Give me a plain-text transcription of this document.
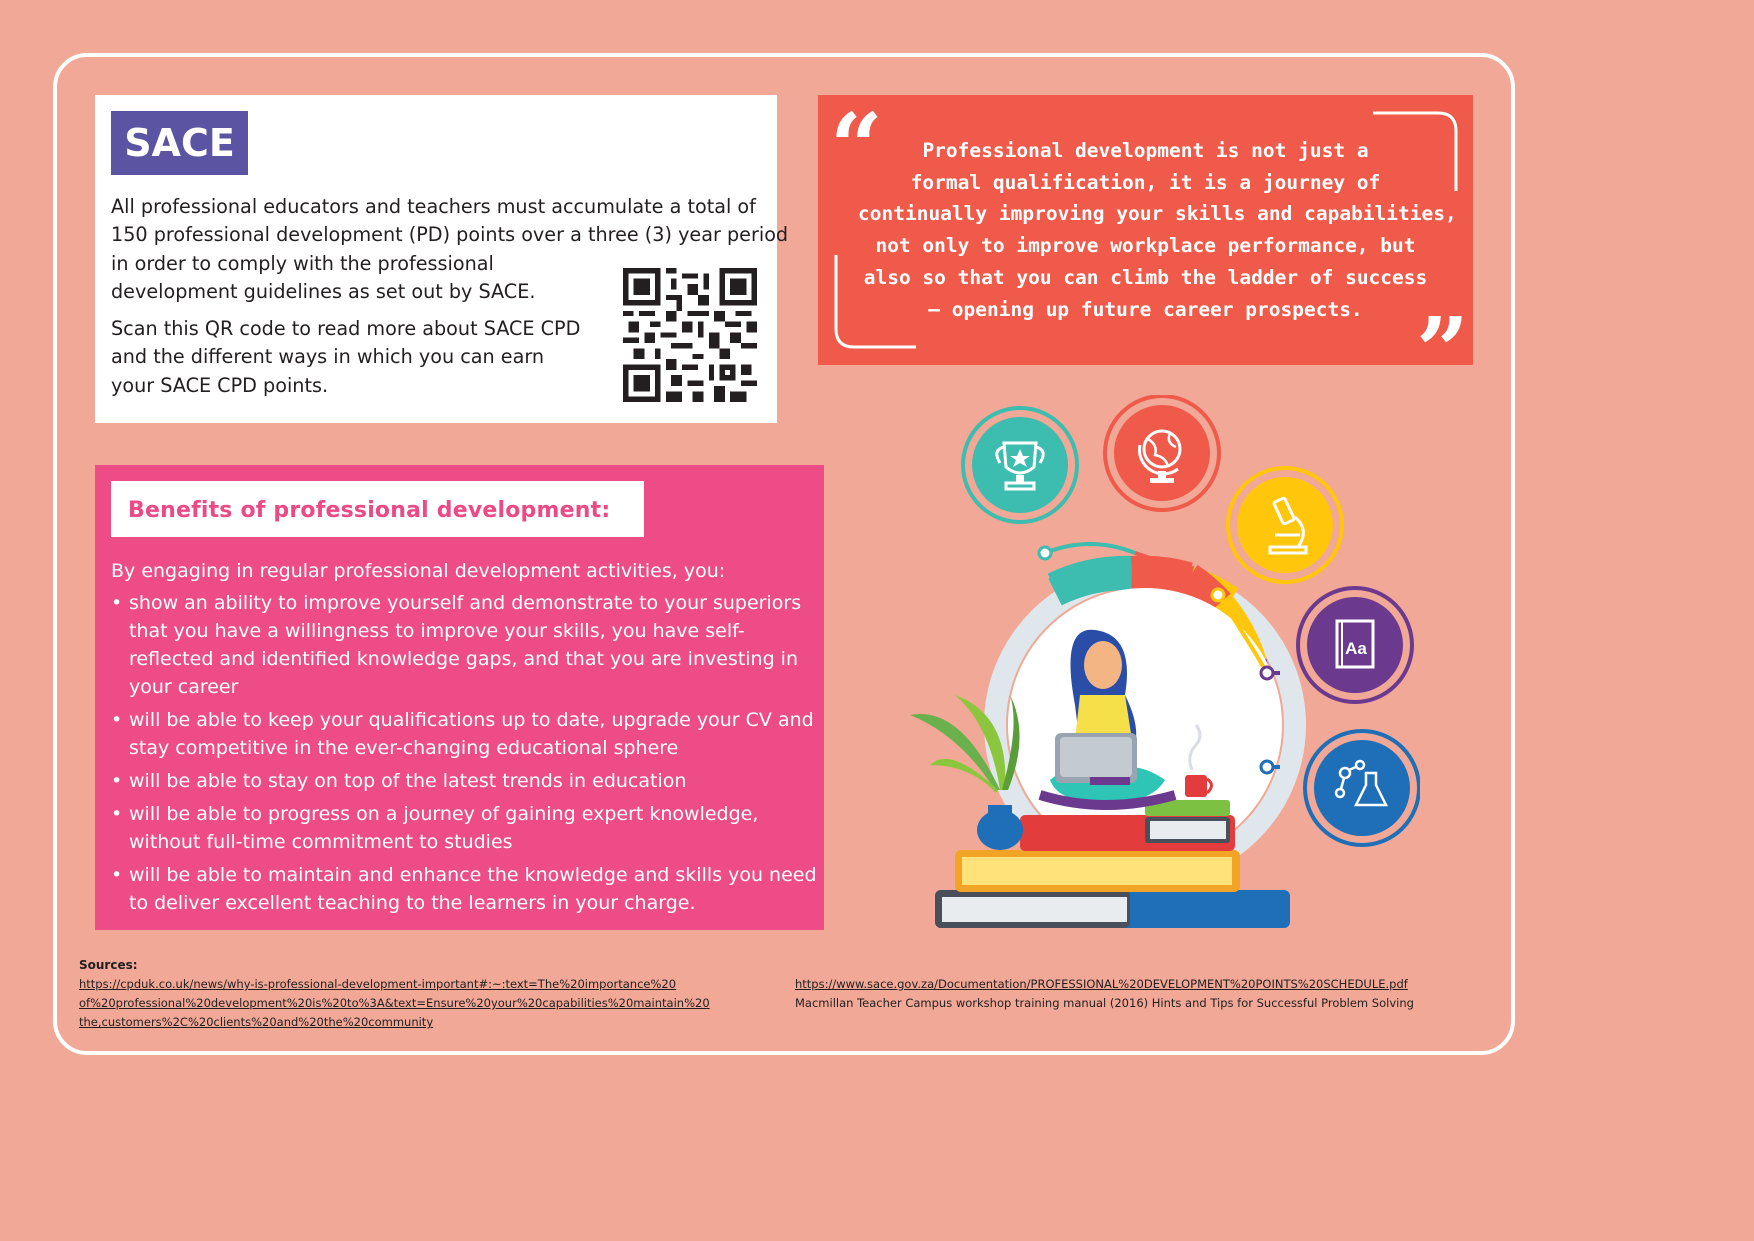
SACE

All professional educators and teachers must accumulate a total of
150 professional development (PD) points over a three (3) year period
in order to comply with the professional
development guidelines as set out by SACE.

Scan this QR code to read more about SACE CPD and the different ways in which you can earn your SACE CPD points.

“
”

Professional development is not just a
formal qualification, it is a journey of
continually improving your skills and capabilities,
not only to improve workplace performance, but
also so that you can climb the ladder of success
– opening up future career prospects.

Benefits of professional development:

By engaging in regular professional development activities, you:

• show an ability to improve yourself and demonstrate to your superiors
that you have a willingness to improve your skills, you have self-
reflected and identified knowledge gaps, and that you are investing in
your career
• will be able to keep your qualifications up to date, upgrade your CV and
stay competitive in the ever-changing educational sphere
• will be able to stay on top of the latest trends in education
• will be able to progress on a journey of gaining expert knowledge,
without full-time commitment to studies
• will be able to maintain and enhance the knowledge and skills you need
to deliver excellent teaching to the learners in your charge.
Aa

Sources:

https://cpduk.co.uk/news/why-is-professional-development-important#:~:text=The%20importance%20

of%20professional%20development%20is%20to%3A&text=Ensure%20your%20capabilities%20maintain%20

the,customers%2C%20clients%20and%20the%20community

https://www.sace.gov.za/Documentation/PROFESSIONAL%20DEVELOPMENT%20POINTS%20SCHEDULE.pdf

Macmillan Teacher Campus workshop training manual (2016) Hints and Tips for Successful Problem Solving
